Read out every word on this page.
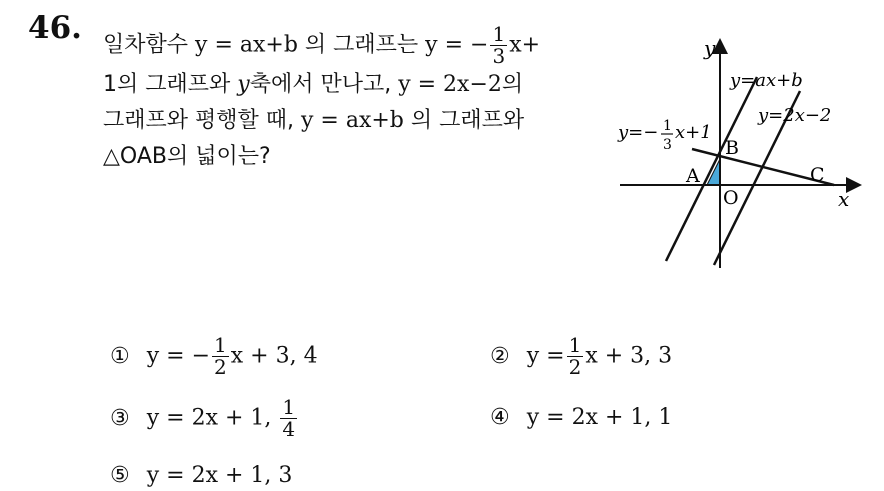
46. 일차함수 y = ax+b 의 그래프는 y = − $\frac{1}{3} x+$
1의 그래프와 y축에서 만나고, y = 2x−2의
그래프와 평행할 때, y = ax+b 의 그래프와
△OAB의 넓이는?
y
x
O
A
B
C
y=ax+b
y=2x−2
y=− 1
3
x+1
① y = − $\frac{1}{2}$ x + 3, 4	② $y = \frac{1}{2}$ x + 3, 3
③ y = 2x + 1, $\frac{1}{4}$	④ y = 2x + 1, 1
⑤ y = 2x + 1, 3
